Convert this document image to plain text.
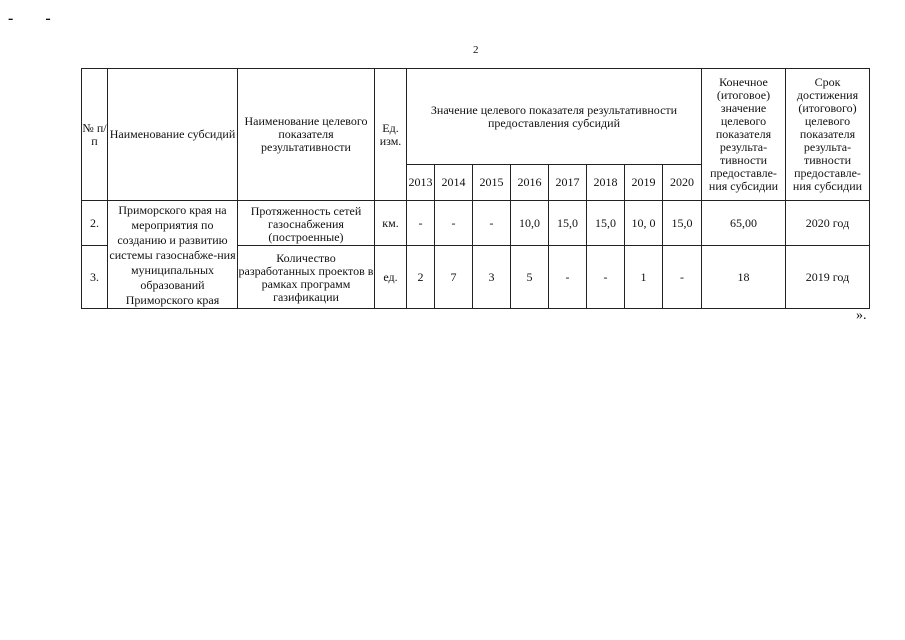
- -
2
№ п/п	Наименование субсидий	Наименование целевого показателя результативности	Ед. изм.	Значение целевого показателя результативности предоставления субсидий								Конечное (итоговое) значение целевого показателя результа-тивности предоставле-ния субсидии	Срок достижения (итогового) целевого показателя результа-тивности предоставле-ния субсидии
				2013	2014	2015	2016	2017	2018	2019	2020		
2.	Приморского края на мероприятия по созданию и развитию системы газоснабже-ния муниципальных образований Приморского края	Протяженность сетей газоснабжения (построенные)	км.	-	-	-	10,0	15,0	15,0	10, 0	15,0	65,00	2020 год
3.		Количество разработанных проектов в рамках программ газификации	ед.	2	7	3	5	-	-	1	-	18	2019 год
».
